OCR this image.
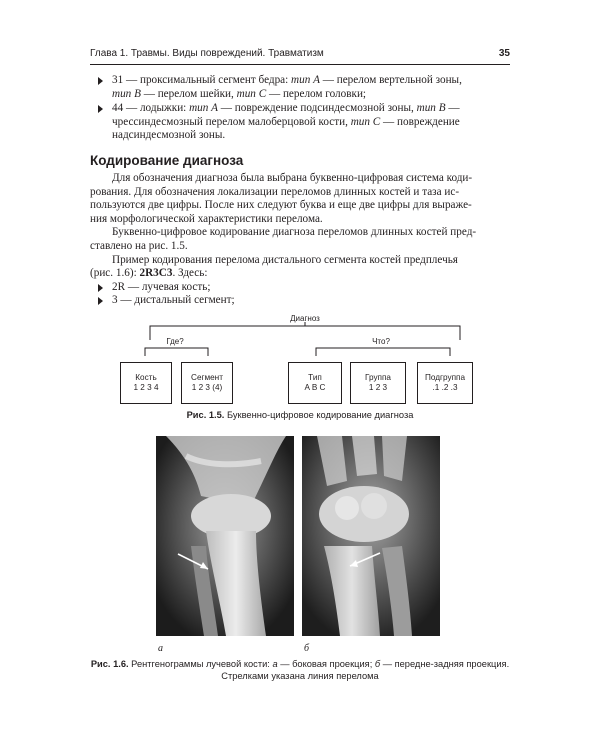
Глава 1. Травмы. Виды повреждений. Травматизм	35
31 — проксимальный сегмент бедра: тип А — перелом вертельной зоны,
тип В — перелом шейки, тип С — перелом головки;
44 — лодыжки: тип А — повреждение подсиндесмозной зоны, тип В —
чрессиндесмозный перелом малоберцовой кости, тип С — повреждение
надсиндесмозной зоны.
Кодирование диагноза
Для обозначения диагноза была выбрана буквенно-цифровая система коди-
рования. Для обозначения локализации переломов длинных костей и таза ис-
пользуются две цифры. После них следуют буква и еще две цифры для выраже-
ния морфологической характеристики перелома.
Буквенно-цифровое кодирование диагноза переломов длинных костей пред-
ставлено на рис. 1.5.
Пример кодирования перелома дистального сегмента костей предплечья
(рис. 1.6): 2R3C3. Здесь:
2R — лучевая кость;
3 — дистальный сегмент;
Диагноз
Где?	Что?
Кость
1 2 3 4
Сегмент
1 2 3 (4)
Тип
A B C
Группа
1 2 3
Подгруппа
.1 .2 .3
Рис. 1.5. Буквенно-цифровое кодирование диагноза
а	б
Рис. 1.6. Рентгенограммы лучевой кости: а — боковая проекция; б — передне-задняя проекция.
Стрелками указана линия перелома
